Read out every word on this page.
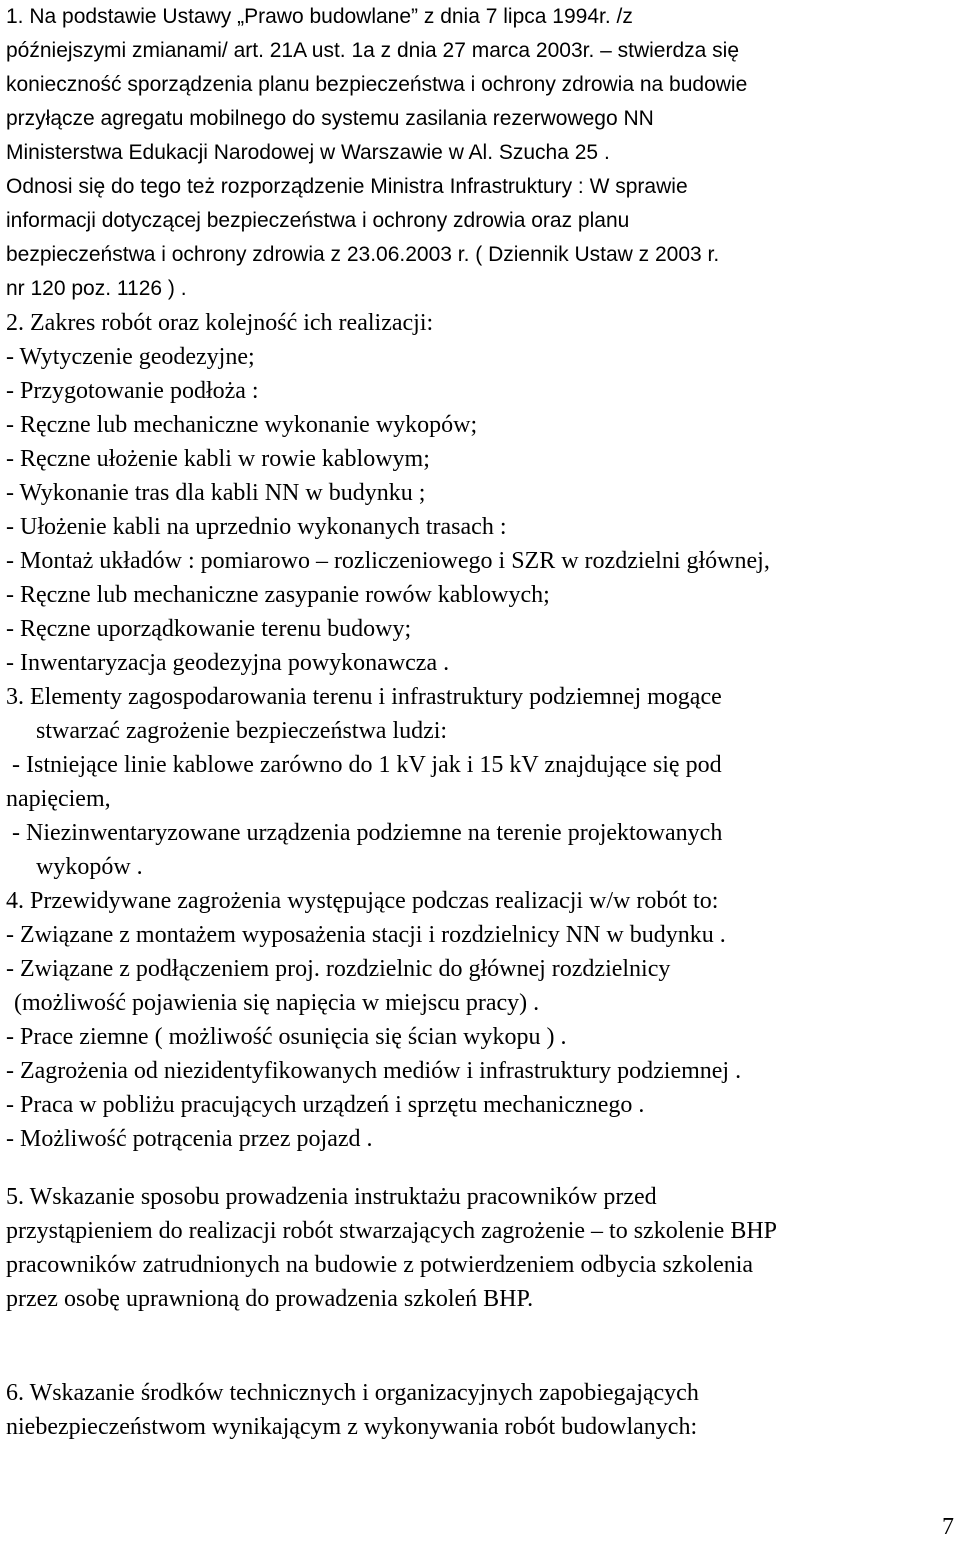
1. Na podstawie Ustawy „Prawo budowlane” z dnia 7 lipca 1994r. /z
późniejszymi zmianami/ art. 21A ust. 1a z dnia 27 marca 2003r. – stwierdza się
konieczność sporządzenia planu bezpieczeństwa i ochrony zdrowia na budowie
przyłącze agregatu mobilnego do systemu zasilania rezerwowego NN
Ministerstwa Edukacji Narodowej w Warszawie w Al. Szucha 25 .
Odnosi się do tego też rozporządzenie Ministra Infrastruktury : W sprawie
informacji dotyczącej bezpieczeństwa i ochrony zdrowia oraz planu
bezpieczeństwa i ochrony zdrowia z 23.06.2003 r. ( Dziennik Ustaw z 2003 r.
nr 120 poz. 1126 ) .
2. Zakres robót oraz kolejność ich realizacji:
- Wytyczenie geodezyjne;
- Przygotowanie podłoża :
- Ręczne lub mechaniczne wykonanie wykopów;
- Ręczne ułożenie kabli w rowie kablowym;
- Wykonanie tras dla kabli NN w budynku ;
- Ułożenie kabli na uprzednio wykonanych trasach :
- Montaż układów : pomiarowo – rozliczeniowego i SZR w rozdzielni głównej,
- Ręczne lub mechaniczne zasypanie rowów kablowych;
- Ręczne uporządkowanie terenu budowy;
- Inwentaryzacja geodezyjna powykonawcza .
3. Elementy zagospodarowania terenu i infrastruktury podziemnej mogące
stwarzać zagrożenie bezpieczeństwa ludzi:
- Istniejące linie kablowe zarówno do 1 kV jak i 15 kV znajdujące się pod
napięciem,
- Niezinwentaryzowane urządzenia podziemne na terenie projektowanych
wykopów .
4. Przewidywane zagrożenia występujące podczas realizacji w/w robót to:
- Związane z montażem wyposażenia stacji i rozdzielnicy NN w budynku .
- Związane z podłączeniem proj. rozdzielnic do głównej rozdzielnicy
(możliwość pojawienia się napięcia w miejscu pracy) .
- Prace ziemne ( możliwość osunięcia się ścian wykopu ) .
- Zagrożenia od niezidentyfikowanych mediów i infrastruktury podziemnej .
- Praca w pobliżu pracujących urządzeń i sprzętu mechanicznego .
- Możliwość potrącenia przez pojazd .
5. Wskazanie sposobu prowadzenia instruktażu pracowników przed
przystąpieniem do realizacji robót stwarzających zagrożenie – to szkolenie BHP
pracowników zatrudnionych na budowie z potwierdzeniem odbycia szkolenia
przez osobę uprawnioną do prowadzenia szkoleń BHP.
6. Wskazanie środków technicznych i organizacyjnych zapobiegających
niebezpieczeństwom wynikającym z wykonywania robót budowlanych:
7
